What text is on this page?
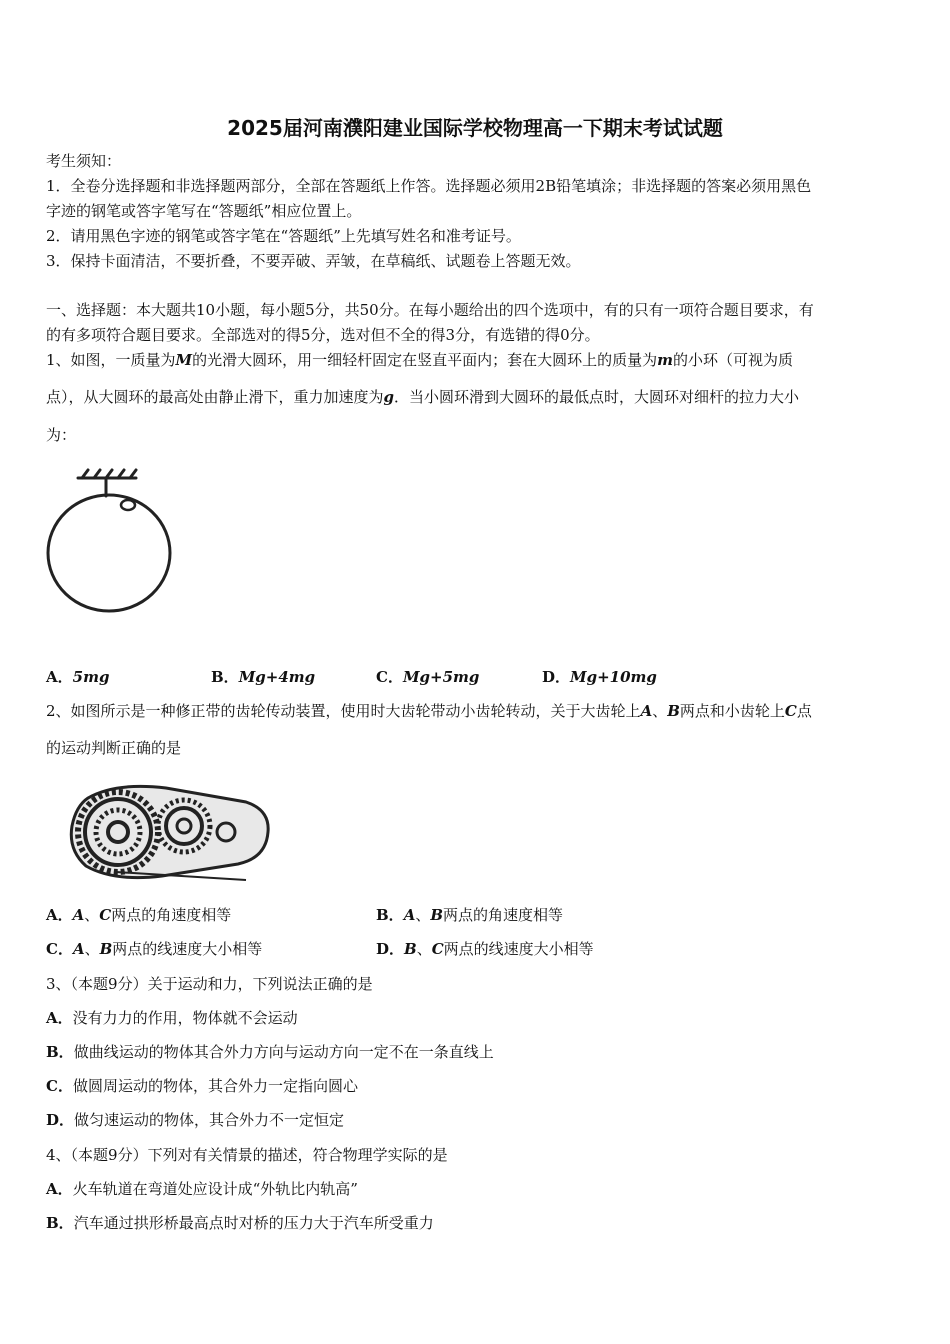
2025届河南濮阳建业国际学校物理高一下期末考试试题
考生须知：
1．全卷分选择题和非选择题两部分，全部在答题纸上作答。选择题必须用2B铅笔填涂；非选择题的答案必须用黑色
字迹的钢笔或答字笔写在“答题纸”相应位置上。
2．请用黑色字迹的钢笔或答字笔在“答题纸”上先填写姓名和准考证号。
3．保持卡面清洁，不要折叠，不要弄破、弄皱，在草稿纸、试题卷上答题无效。
一、选择题：本大题共10小题，每小题5分，共50分。在每小题给出的四个选项中，有的只有一项符合题目要求，有
的有多项符合题目要求。全部选对的得5分，选对但不全的得3分，有选错的得0分。
1、如图，一质量为M的光滑大圆环，用一细轻杆固定在竖直平面内；套在大圆环上的质量为m的小环（可视为质
点），从大圆环的最高处由静止滑下，重力加速度为g．当小圆环滑到大圆环的最低点时，大圆环对细杆的拉力大小
为：
A．5mg	B．Mg+4mg	C．Mg+5mg	D．Mg+10mg
2、如图所示是一种修正带的齿轮传动装置，使用时大齿轮带动小齿轮转动，关于大齿轮上A、B两点和小齿轮上C点
的运动判断正确的是
A．A、C两点的角速度相等	B．A、B两点的角速度相等
C．A、B两点的线速度大小相等	D．B、C两点的线速度大小相等
3、（本题9分）关于运动和力，下列说法正确的是
A．没有力力的作用，物体就不会运动
B．做曲线运动的物体其合外力方向与运动方向一定不在一条直线上
C．做圆周运动的物体，其合外力一定指向圆心
D．做匀速运动的物体，其合外力不一定恒定
4、（本题9分）下列对有关情景的描述，符合物理学实际的是
A．火车轨道在弯道处应设计成“外轨比内轨高”
B．汽车通过拱形桥最高点时对桥的压力大于汽车所受重力
